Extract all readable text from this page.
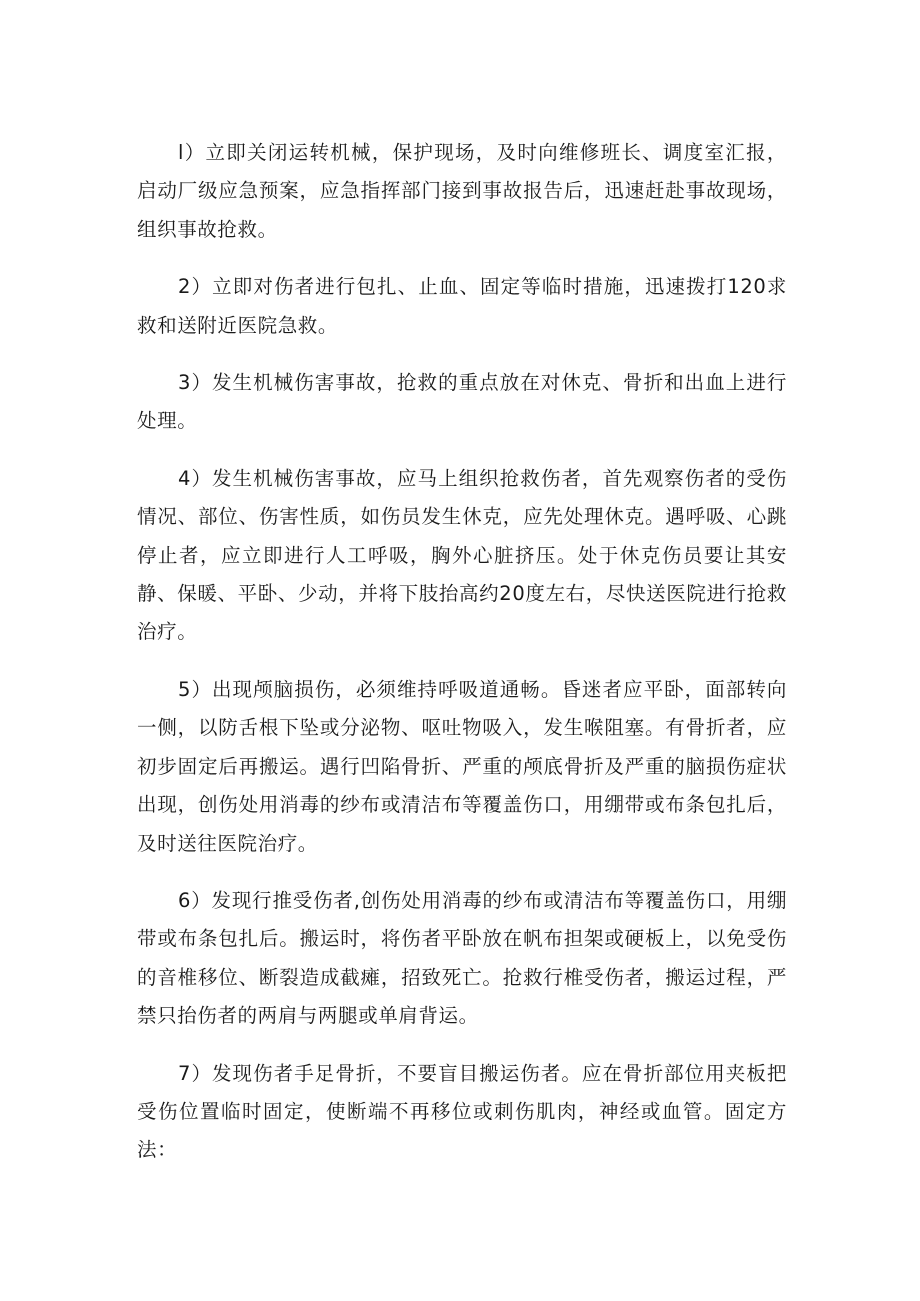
l）立即关闭运转机械，保护现场，及时向维修班长、调度室汇报，启动厂级应急预案，应急指挥部门接到事故报告后，迅速赶赴事故现场，组织事故抢救。

2）立即对伤者进行包扎、止血、固定等临时措施，迅速拨打120求救和送附近医院急救。

3）发生机械伤害事故，抢救的重点放在对休克、骨折和出血上进行处理。

4）发生机械伤害事故，应马上组织抢救伤者，首先观察伤者的受伤情况、部位、伤害性质，如伤员发生休克，应先处理休克。遇呼吸、心跳停止者，应立即进行人工呼吸，胸外心脏挤压。处于休克伤员要让其安静、保暖、平卧、少动，并将下肢抬高约20度左右，尽快送医院进行抢救治疗。

5）出现颅脑损伤，必须维持呼吸道通畅。昏迷者应平卧，面部转向一侧，以防舌根下坠或分泌物、呕吐物吸入，发生喉阻塞。有骨折者，应初步固定后再搬运。遇行凹陷骨折、严重的颅底骨折及严重的脑损伤症状出现，创伤处用消毒的纱布或清洁布等覆盖伤口，用绷带或布条包扎后，及时送往医院治疗。

6）发现行推受伤者,创伤处用消毒的纱布或清洁布等覆盖伤口，用绷带或布条包扎后。搬运时，将伤者平卧放在帆布担架或硬板上，以免受伤的音椎移位、断裂造成截瘫，招致死亡。抢救行椎受伤者，搬运过程，严禁只抬伤者的两肩与两腿或单肩背运。

7）发现伤者手足骨折，不要盲目搬运伤者。应在骨折部位用夹板把受伤位置临时固定，使断端不再移位或刺伤肌肉，神经或血管。固定方法：
